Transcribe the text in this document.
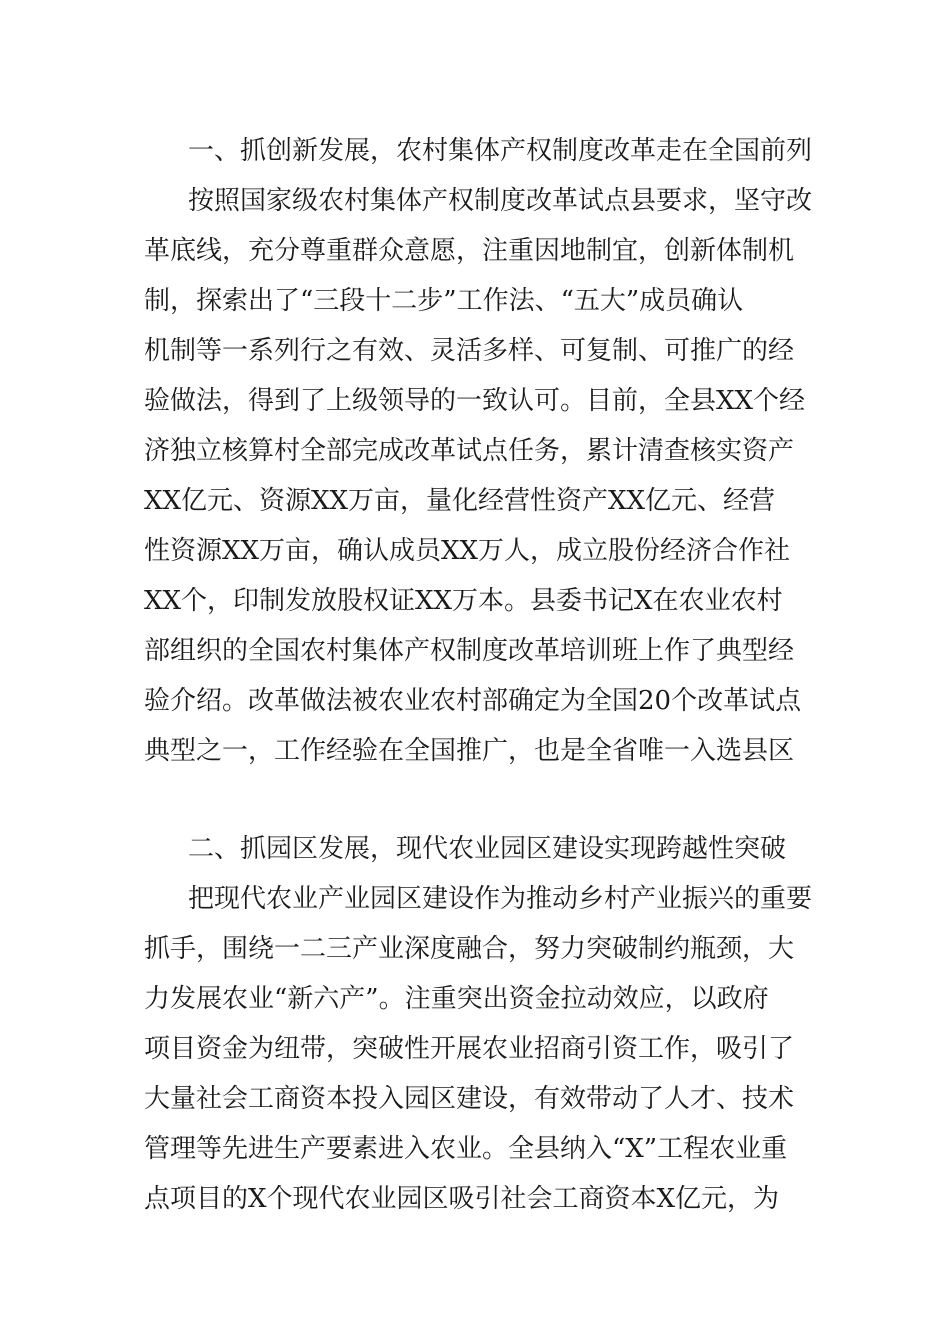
一、抓创新发展，农村集体产权制度改革走在全国前列

按照国家级农村集体产权制度改革试点县要求，坚守改

革底线，充分尊重群众意愿，注重因地制宜，创新体制机

制，探索出了“三段十二步”工作法、“五大”成员确认

机制等一系列行之有效、灵活多样、可复制、可推广的经

验做法，得到了上级领导的一致认可。目前，全县XX个经

济独立核算村全部完成改革试点任务，累计清查核实资产

XX亿元、资源XX万亩，量化经营性资产XX亿元、经营

性资源XX万亩，确认成员XX万人，成立股份经济合作社

XX个，印制发放股权证XX万本。县委书记X在农业农村

部组织的全国农村集体产权制度改革培训班上作了典型经

验介绍。改革做法被农业农村部确定为全国20个改革试点

典型之一，工作经验在全国推广，也是全省唯一入选县区

二、抓园区发展，现代农业园区建设实现跨越性突破

把现代农业产业园区建设作为推动乡村产业振兴的重要

抓手，围绕一二三产业深度融合，努力突破制约瓶颈，大

力发展农业“新六产”。注重突出资金拉动效应，以政府

项目资金为纽带，突破性开展农业招商引资工作，吸引了

大量社会工商资本投入园区建设，有效带动了人才、技术

管理等先进生产要素进入农业。全县纳入“X”工程农业重

点项目的X个现代农业园区吸引社会工商资本X亿元，为
